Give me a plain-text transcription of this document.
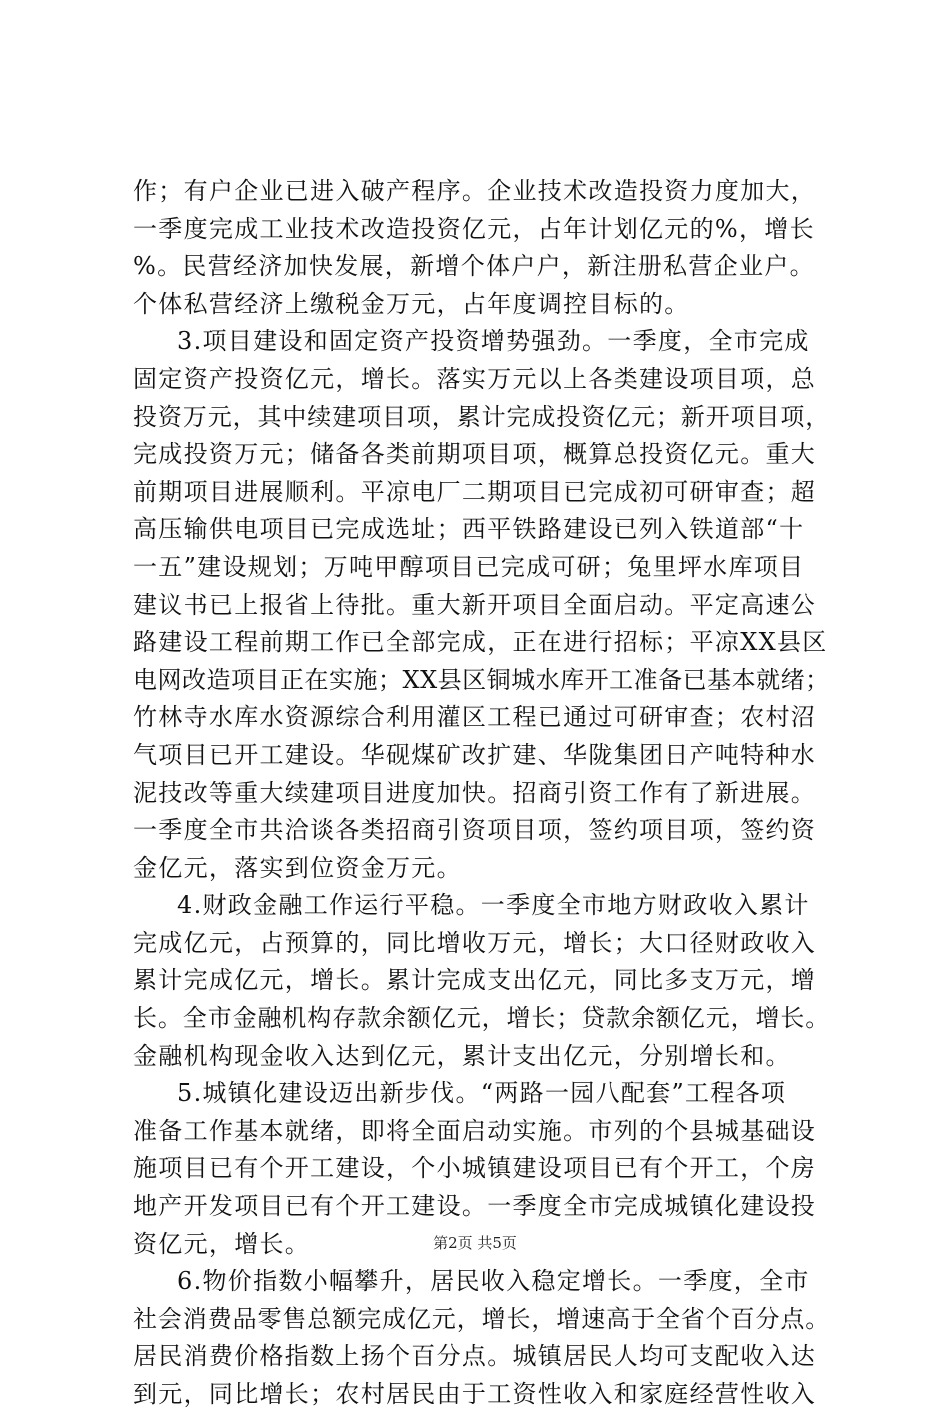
作；有户企业已进入破产程序。企业技术改造投资力度加大，
一季度完成工业技术改造投资亿元，占年计划亿元的%，增长
%。民营经济加快发展，新增个体户户，新注册私营企业户。
个体私营经济上缴税金万元，占年度调控目标的。
3.项目建设和固定资产投资增势强劲。一季度，全市完成
固定资产投资亿元，增长。落实万元以上各类建设项目项，总
投资万元，其中续建项目项，累计完成投资亿元；新开项目项，
完成投资万元；储备各类前期项目项，概算总投资亿元。重大
前期项目进展顺利。平凉电厂二期项目已完成初可研审查；超
高压输供电项目已完成选址；西平铁路建设已列入铁道部“十
一五”建设规划；万吨甲醇项目已完成可研；兔里坪水库项目
建议书已上报省上待批。重大新开项目全面启动。平定高速公
路建设工程前期工作已全部完成，正在进行招标；平凉XX县区
电网改造项目正在实施；XX县区铜城水库开工准备已基本就绪；
竹林寺水库水资源综合利用灌区工程已通过可研审查；农村沼
气项目已开工建设。华砚煤矿改扩建、华陇集团日产吨特种水
泥技改等重大续建项目进度加快。招商引资工作有了新进展。
一季度全市共洽谈各类招商引资项目项，签约项目项，签约资
金亿元，落实到位资金万元。
4.财政金融工作运行平稳。一季度全市地方财政收入累计
完成亿元，占预算的，同比增收万元，增长；大口径财政收入
累计完成亿元，增长。累计完成支出亿元，同比多支万元，增
长。全市金融机构存款余额亿元，增长；贷款余额亿元，增长。
金融机构现金收入达到亿元，累计支出亿元，分别增长和。
5.城镇化建设迈出新步伐。“两路一园八配套”工程各项
准备工作基本就绪，即将全面启动实施。市列的个县城基础设
施项目已有个开工建设，个小城镇建设项目已有个开工，个房
地产开发项目已有个开工建设。一季度全市完成城镇化建设投
资亿元，增长。
6.物价指数小幅攀升，居民收入稳定增长。一季度，全市
社会消费品零售总额完成亿元，增长，增速高于全省个百分点。
居民消费价格指数上扬个百分点。城镇居民人均可支配收入达
到元，同比增长；农村居民由于工资性收入和家庭经营性收入
第2页 共5页
